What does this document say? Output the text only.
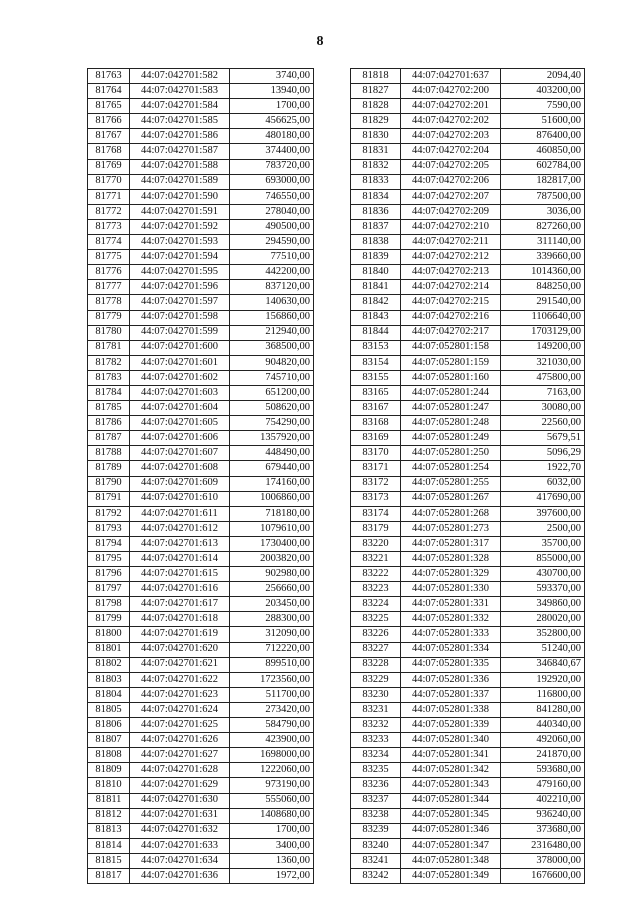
8
81763	44:07:042701:582	3740,00
81764	44:07:042701:583	13940,00
81765	44:07:042701:584	1700,00
81766	44:07:042701:585	456625,00
81767	44:07:042701:586	480180,00
81768	44:07:042701:587	374400,00
81769	44:07:042701:588	783720,00
81770	44:07:042701:589	693000,00
81771	44:07:042701:590	746550,00
81772	44:07:042701:591	278040,00
81773	44:07:042701:592	490500,00
81774	44:07:042701:593	294590,00
81775	44:07:042701:594	77510,00
81776	44:07:042701:595	442200,00
81777	44:07:042701:596	837120,00
81778	44:07:042701:597	140630,00
81779	44:07:042701:598	156860,00
81780	44:07:042701:599	212940,00
81781	44:07:042701:600	368500,00
81782	44:07:042701:601	904820,00
81783	44:07:042701:602	745710,00
81784	44:07:042701:603	651200,00
81785	44:07:042701:604	508620,00
81786	44:07:042701:605	754290,00
81787	44:07:042701:606	1357920,00
81788	44:07:042701:607	448490,00
81789	44:07:042701:608	679440,00
81790	44:07:042701:609	174160,00
81791	44:07:042701:610	1006860,00
81792	44:07:042701:611	718180,00
81793	44:07:042701:612	1079610,00
81794	44:07:042701:613	1730400,00
81795	44:07:042701:614	2003820,00
81796	44:07:042701:615	902980,00
81797	44:07:042701:616	256660,00
81798	44:07:042701:617	203450,00
81799	44:07:042701:618	288300,00
81800	44:07:042701:619	312090,00
81801	44:07:042701:620	712220,00
81802	44:07:042701:621	899510,00
81803	44:07:042701:622	1723560,00
81804	44:07:042701:623	511700,00
81805	44:07:042701:624	273420,00
81806	44:07:042701:625	584790,00
81807	44:07:042701:626	423900,00
81808	44:07:042701:627	1698000,00
81809	44:07:042701:628	1222060,00
81810	44:07:042701:629	973190,00
81811	44:07:042701:630	555060,00
81812	44:07:042701:631	1408680,00
81813	44:07:042701:632	1700,00
81814	44:07:042701:633	3400,00
81815	44:07:042701:634	1360,00
81817	44:07:042701:636	1972,00
81818	44:07:042701:637	2094,40
81827	44:07:042702:200	403200,00
81828	44:07:042702:201	7590,00
81829	44:07:042702:202	51600,00
81830	44:07:042702:203	876400,00
81831	44:07:042702:204	460850,00
81832	44:07:042702:205	602784,00
81833	44:07:042702:206	182817,00
81834	44:07:042702:207	787500,00
81836	44:07:042702:209	3036,00
81837	44:07:042702:210	827260,00
81838	44:07:042702:211	311140,00
81839	44:07:042702:212	339660,00
81840	44:07:042702:213	1014360,00
81841	44:07:042702:214	848250,00
81842	44:07:042702:215	291540,00
81843	44:07:042702:216	1106640,00
81844	44:07:042702:217	1703129,00
83153	44:07:052801:158	149200,00
83154	44:07:052801:159	321030,00
83155	44:07:052801:160	475800,00
83165	44:07:052801:244	7163,00
83167	44:07:052801:247	30080,00
83168	44:07:052801:248	22560,00
83169	44:07:052801:249	5679,51
83170	44:07:052801:250	5096,29
83171	44:07:052801:254	1922,70
83172	44:07:052801:255	6032,00
83173	44:07:052801:267	417690,00
83174	44:07:052801:268	397600,00
83179	44:07:052801:273	2500,00
83220	44:07:052801:317	35700,00
83221	44:07:052801:328	855000,00
83222	44:07:052801:329	430700,00
83223	44:07:052801:330	593370,00
83224	44:07:052801:331	349860,00
83225	44:07:052801:332	280020,00
83226	44:07:052801:333	352800,00
83227	44:07:052801:334	51240,00
83228	44:07:052801:335	346840,67
83229	44:07:052801:336	192920,00
83230	44:07:052801:337	116800,00
83231	44:07:052801:338	841280,00
83232	44:07:052801:339	440340,00
83233	44:07:052801:340	492060,00
83234	44:07:052801:341	241870,00
83235	44:07:052801:342	593680,00
83236	44:07:052801:343	479160,00
83237	44:07:052801:344	402210,00
83238	44:07:052801:345	936240,00
83239	44:07:052801:346	373680,00
83240	44:07:052801:347	2316480,00
83241	44:07:052801:348	378000,00
83242	44:07:052801:349	1676600,00
